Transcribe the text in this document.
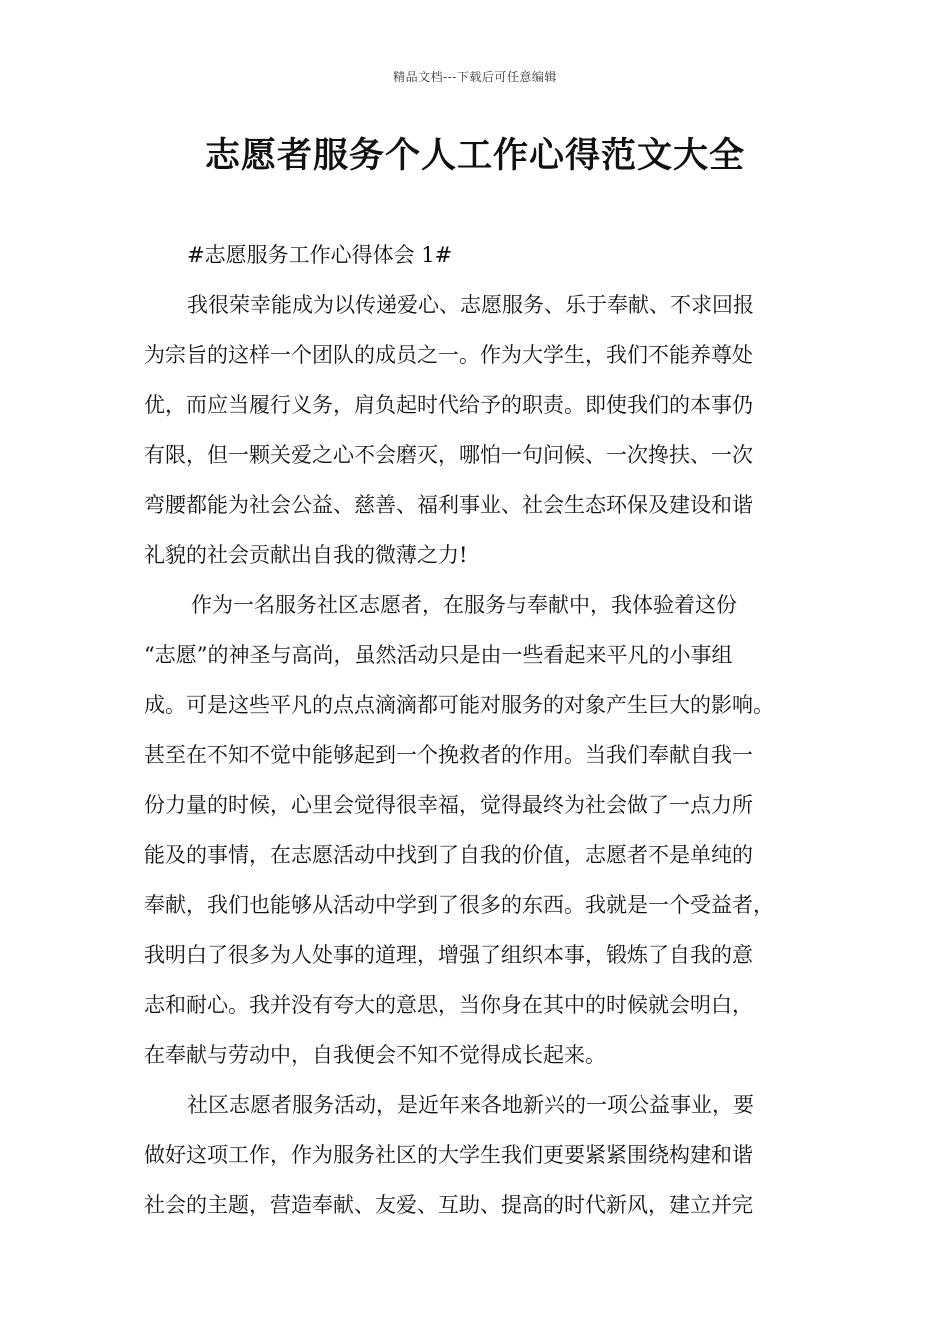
精品文档---下载后可任意编辑
志愿者服务个人工作心得范文大全
#志愿服务工作心得体会 1#

我很荣幸能成为以传递爱心、志愿服务、乐于奉献、不求回报
为宗旨的这样一个团队的成员之一。作为大学生，我们不能养尊处
优，而应当履行义务，肩负起时代给予的职责。即使我们的本事仍
有限，但一颗关爱之心不会磨灭，哪怕一句问候、一次搀扶、一次
弯腰都能为社会公益、慈善、福利事业、社会生态环保及建设和谐
礼貌的社会贡献出自我的微薄之力!

作为一名服务社区志愿者，在服务与奉献中，我体验着这份
“志愿”的神圣与高尚，虽然活动只是由一些看起来平凡的小事组
成。可是这些平凡的点点滴滴都可能对服务的对象产生巨大的影响。
甚至在不知不觉中能够起到一个挽救者的作用。当我们奉献自我一
份力量的时候，心里会觉得很幸福，觉得最终为社会做了一点力所
能及的事情，在志愿活动中找到了自我的价值，志愿者不是单纯的
奉献，我们也能够从活动中学到了很多的东西。我就是一个受益者，
我明白了很多为人处事的道理，增强了组织本事，锻炼了自我的意
志和耐心。我并没有夸大的意思，当你身在其中的时候就会明白，
在奉献与劳动中，自我便会不知不觉得成长起来。

社区志愿者服务活动，是近年来各地新兴的一项公益事业，要
做好这项工作，作为服务社区的大学生我们更要紧紧围绕构建和谐
社会的主题，营造奉献、友爱、互助、提高的时代新风，建立并完
